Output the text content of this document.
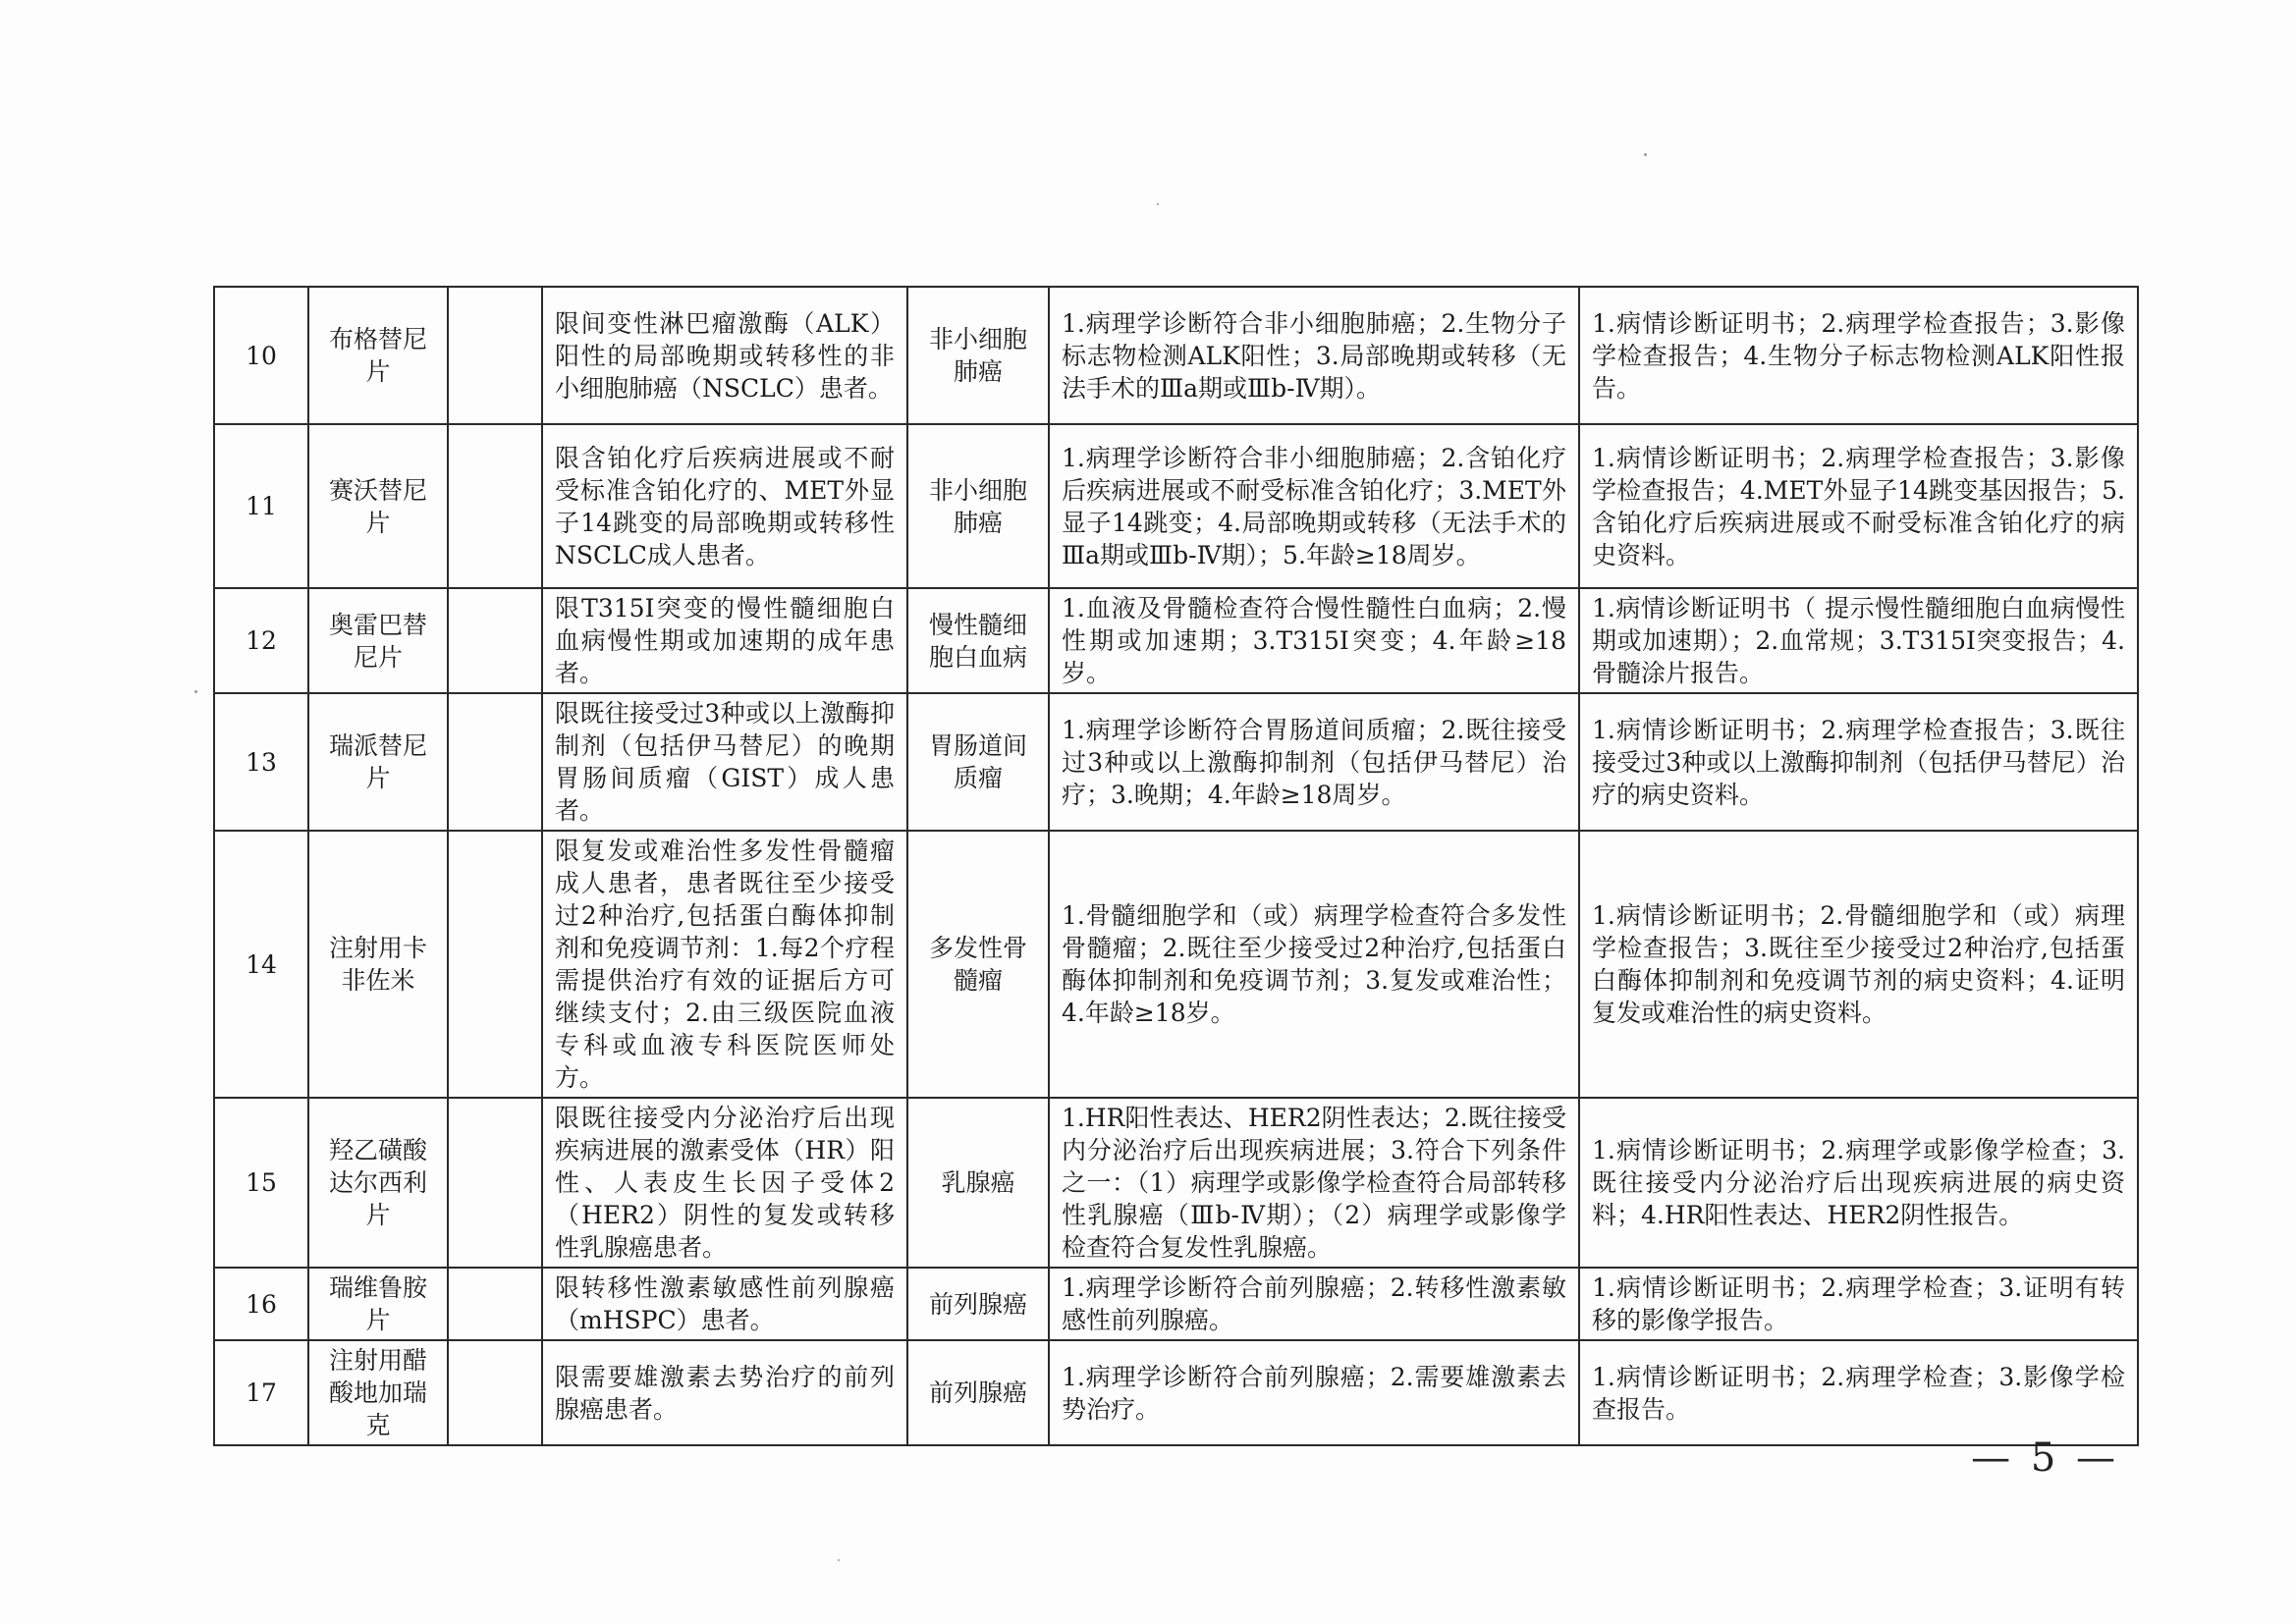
10	布格替尼片		限间变性淋巴瘤激酶（ALK）阳性的局部晚期或转移性的非小细胞肺癌（NSCLC）患者。	非小细胞肺癌	1.病理学诊断符合非小细胞肺癌；2.生物分子标志物检测ALK阳性；3.局部晚期或转移（无法手术的Ⅲa期或Ⅲb-Ⅳ期）。	1.病情诊断证明书；2.病理学检查报告；3.影像学检查报告；4.生物分子标志物检测ALK阳性报告。
11	赛沃替尼片		限含铂化疗后疾病进展或不耐受标准含铂化疗的、MET外显子14跳变的局部晚期或转移性NSCLC成人患者。	非小细胞肺癌	1.病理学诊断符合非小细胞肺癌；2.含铂化疗后疾病进展或不耐受标准含铂化疗；3.MET外显子14跳变；4.局部晚期或转移（无法手术的Ⅲa期或Ⅲb-Ⅳ期）；5.年龄≥18周岁。	1.病情诊断证明书；2.病理学检查报告；3.影像学检查报告；4.MET外显子14跳变基因报告；5.含铂化疗后疾病进展或不耐受标准含铂化疗的病史资料。
12	奥雷巴替尼片		限T315I突变的慢性髓细胞白血病慢性期或加速期的成年患者。	慢性髓细胞白血病	1.血液及骨髓检查符合慢性髓性白血病；2.慢性期或加速期；3.T315I突变；4.年龄≥18岁。	1.病情诊断证明书（ 提示慢性髓细胞白血病慢性期或加速期）；2.血常规；3.T315I突变报告；4.骨髓涂片报告。
13	瑞派替尼片		限既往接受过3种或以上激酶抑制剂（包括伊马替尼）的晚期胃肠间质瘤（GIST）成人患者。	胃肠道间质瘤	1.病理学诊断符合胃肠道间质瘤；2.既往接受过3种或以上激酶抑制剂（包括伊马替尼）治疗；3.晚期；4.年龄≥18周岁。	1.病情诊断证明书；2.病理学检查报告；3.既往接受过3种或以上激酶抑制剂（包括伊马替尼）治疗的病史资料。
14	注射用卡非佐米		限复发或难治性多发性骨髓瘤成人患者，患者既往至少接受过2种治疗,包括蛋白酶体抑制剂和免疫调节剂：1.每2个疗程需提供治疗有效的证据后方可继续支付；2.由三级医院血液专科或血液专科医院医师处方。	多发性骨髓瘤	1.骨髓细胞学和（或）病理学检查符合多发性骨髓瘤；2.既往至少接受过2种治疗,包括蛋白酶体抑制剂和免疫调节剂；3.复发或难治性；4.年龄≥18岁。	1.病情诊断证明书；2.骨髓细胞学和（或）病理学检查报告；3.既往至少接受过2种治疗,包括蛋白酶体抑制剂和免疫调节剂的病史资料；4.证明复发或难治性的病史资料。
15	羟乙磺酸达尔西利片		限既往接受内分泌治疗后出现疾病进展的激素受体（HR）阳性、人表皮生长因子受体2（HER2）阴性的复发或转移性乳腺癌患者。	乳腺癌	1.HR阳性表达、HER2阴性表达；2.既往接受内分泌治疗后出现疾病进展；3.符合下列条件之一：（1）病理学或影像学检查符合局部转移性乳腺癌（Ⅲb-Ⅳ期）；（2）病理学或影像学检查符合复发性乳腺癌。	1.病情诊断证明书；2.病理学或影像学检查；3.既往接受内分泌治疗后出现疾病进展的病史资料；4.HR阳性表达、HER2阴性报告。
16	瑞维鲁胺片		限转移性激素敏感性前列腺癌（mHSPC）患者。	前列腺癌	1.病理学诊断符合前列腺癌；2.转移性激素敏感性前列腺癌。	1.病情诊断证明书；2.病理学检查；3.证明有转移的影像学报告。
17	注射用醋酸地加瑞克		限需要雄激素去势治疗的前列腺癌患者。	前列腺癌	1.病理学诊断符合前列腺癌；2.需要雄激素去势治疗。	1.病情诊断证明书；2.病理学检查；3.影像学检查报告。
— 5 —
